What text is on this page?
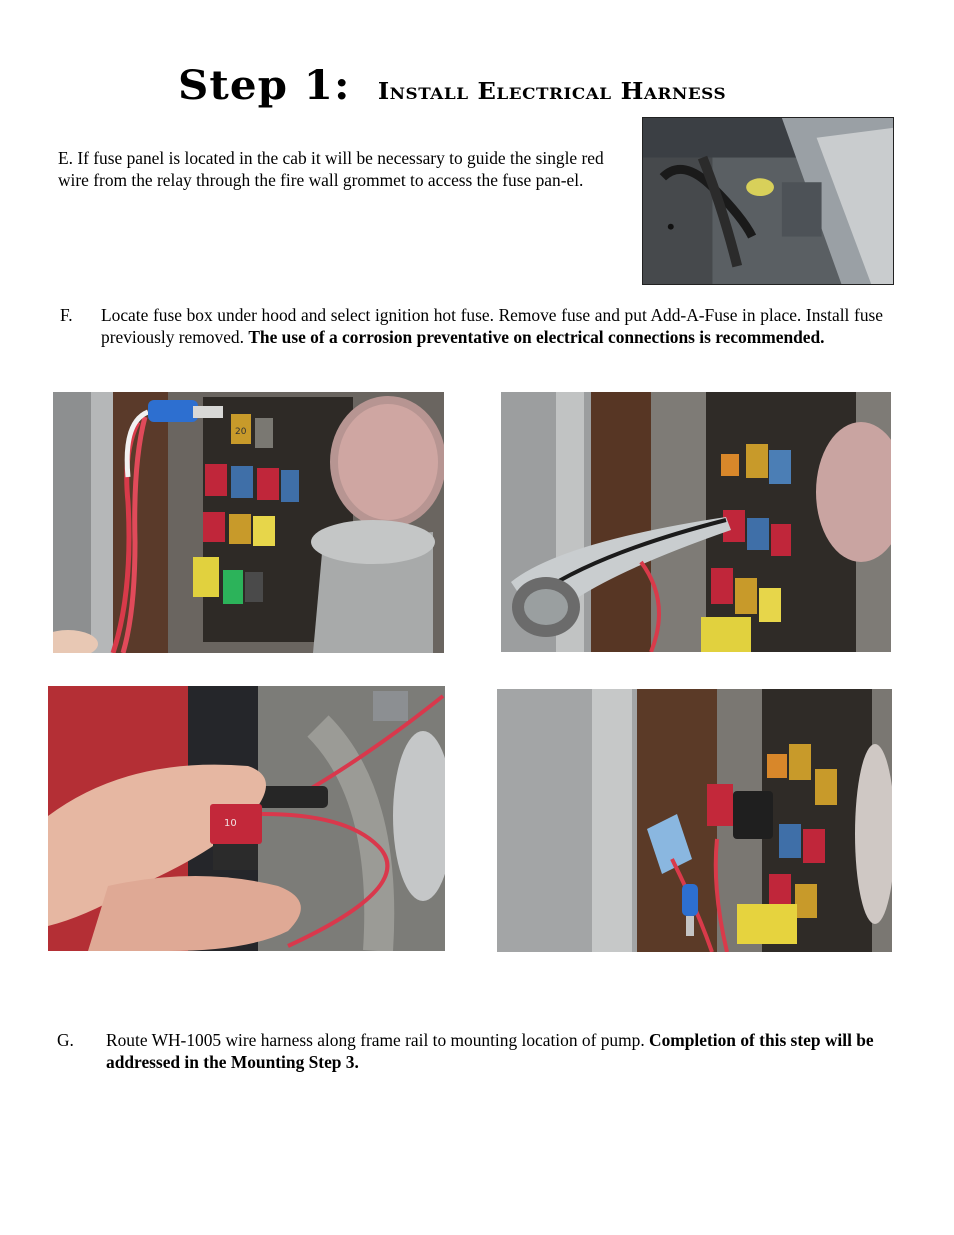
Step 1: Install Electrical Harness
E. If fuse panel is located in the cab it will be necessary to guide the single red wire from the relay through the fire wall grommet to access the fuse pan-el.
F. Locate fuse box under hood and select ignition hot fuse. Remove fuse and put Add-A-Fuse in place. Install fuse previously removed. The use of a corrosion preventative on electrical connections is recommended.
20
10
G. Route WH-1005 wire harness along frame rail to mounting location of pump. Completion of this step will be addressed in the Mounting Step 3.
